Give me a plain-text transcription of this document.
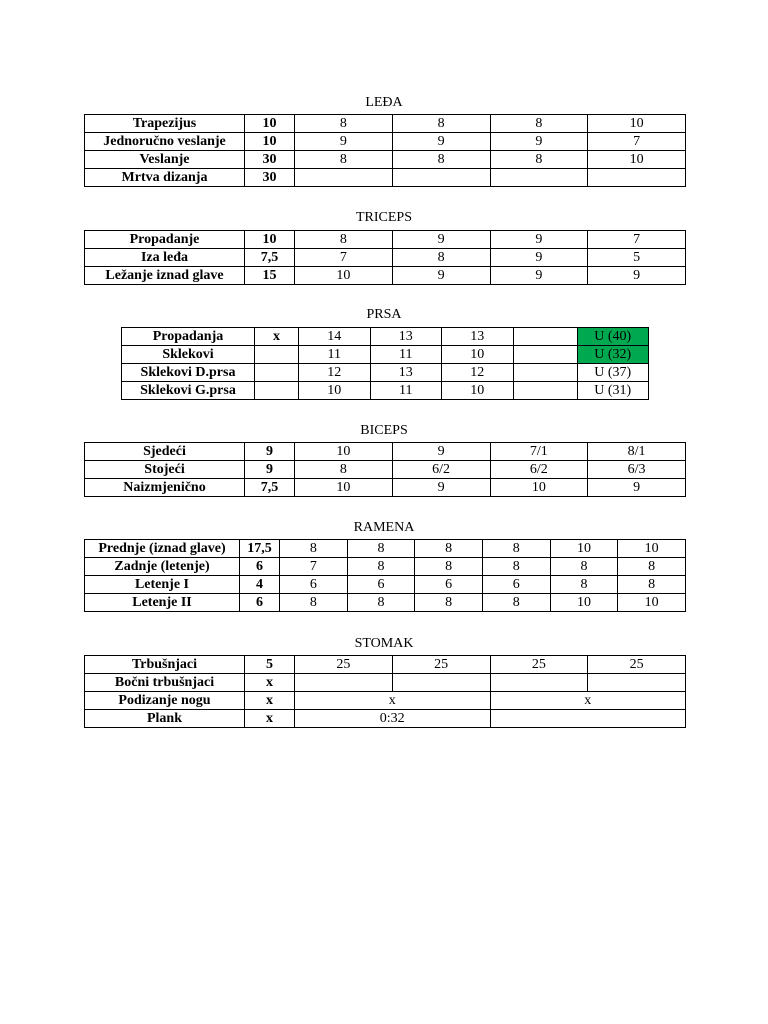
LEĐA
Trapezijus	10	8	8	8	10
Jednoručno veslanje	10	9	9	9	7
Veslanje	30	8	8	8	10
Mrtva dizanja	30				
TRICEPS
Propadanje	10	8	9	9	7
Iza leđa	7,5	7	8	9	5
Ležanje iznad glave	15	10	9	9	9
PRSA
Propadanja	x	14	13	13		U (40)
Sklekovi		11	11	10		U (32)
Sklekovi D.prsa		12	13	12		U (37)
Sklekovi G.prsa		10	11	10		U (31)
BICEPS
Sjedeći	9	10	9	7/1	8/1
Stojeći	9	8	6/2	6/2	6/3
Naizmjenično	7,5	10	9	10	9
RAMENA
Prednje (iznad glave)	17,5	8	8	8	8	10	10
Zadnje (letenje)	6	7	8	8	8	8	8
Letenje I	4	6	6	6	6	8	8
Letenje II	6	8	8	8	8	10	10
STOMAK
Trbušnjaci	5	25	25	25	25
Bočni trbušnjaci	x				
Podizanje nogu	x	x		x	
Plank	x	0:32			
